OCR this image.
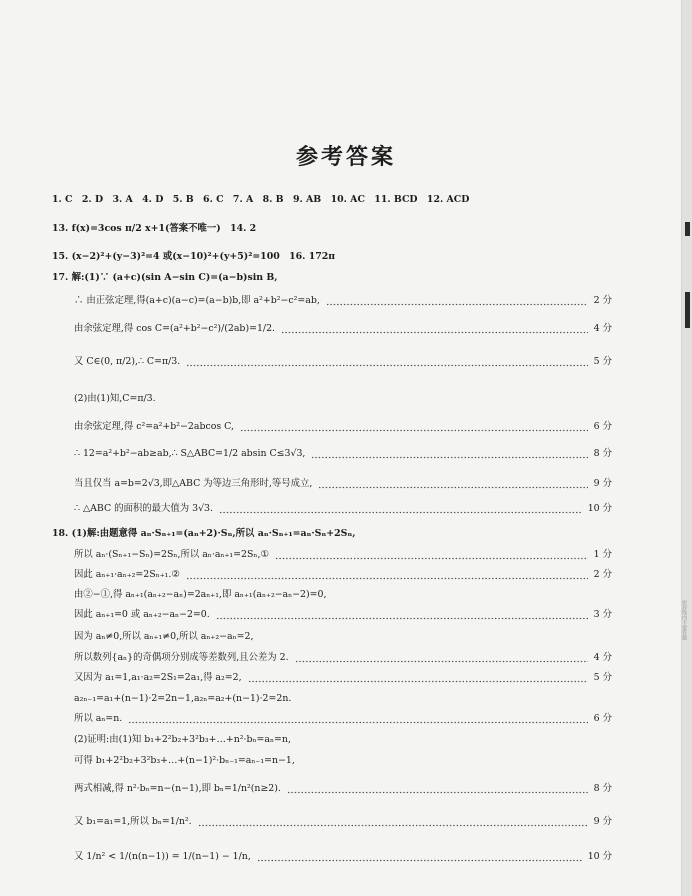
密封线内不要答题
参考答案
1. C　2. D　3. A　4. D　5. B　6. C　7. A　8. B　9. AB　10. AC　11. BCD　12. ACD
13. f(x)=3cos π/2 x+1(答案不唯一)　14. 2
15. (x−2)²+(y−3)²=4 或(x−10)²+(y+5)²=100　16. 172π
17. 解:(1)∵ (a+c)(sin A−sin C)=(a−b)sin B,
∴ 由正弦定理,得(a+c)(a−c)=(a−b)b,即 a²+b²−c²=ab,	2 分
由余弦定理,得 cos C=(a²+b²−c²)/(2ab)=1/2.	4 分
又 C∈(0, π/2),∴ C=π/3.	5 分
(2)由(1)知,C=π/3.
由余弦定理,得 c²=a²+b²−2abcos C,	6 分
∴ 12=a²+b²−ab≥ab,∴ S△ABC=1/2 absin C≤3√3,	8 分
当且仅当 a=b=2√3,即△ABC 为等边三角形时,等号成立,	9 分
∴ △ABC 的面积的最大值为 3√3.	10 分
18. (1)解:由题意得 aₙ·Sₙ₊₁=(aₙ+2)·Sₙ,所以 aₙ·Sₙ₊₁=aₙ·Sₙ+2Sₙ,
所以 aₙ·(Sₙ₊₁−Sₙ)=2Sₙ,所以 aₙ·aₙ₊₁=2Sₙ,①	1 分
因此 aₙ₊₁·aₙ₊₂=2Sₙ₊₁.②	2 分
由②−①,得 aₙ₊₁(aₙ₊₂−aₙ)=2aₙ₊₁,即 aₙ₊₁(aₙ₊₂−aₙ−2)=0,
因此 aₙ₊₁=0 或 aₙ₊₂−aₙ−2=0.	3 分
因为 aₙ≠0,所以 aₙ₊₁≠0,所以 aₙ₊₂−aₙ=2,
所以数列{aₙ}的奇偶项分别成等差数列,且公差为 2.	4 分
又因为 a₁=1,a₁·a₂=2S₁=2a₁,得 a₂=2,	5 分
a₂ₙ₋₁=a₁+(n−1)·2=2n−1,a₂ₙ=a₂+(n−1)·2=2n.
所以 aₙ=n.	6 分
(2)证明:由(1)知 b₁+2²b₂+3²b₃+…+n²·bₙ=aₙ=n,
可得 b₁+2²b₂+3²b₃+…+(n−1)²·bₙ₋₁=aₙ₋₁=n−1,
两式相减,得 n²·bₙ=n−(n−1),即 bₙ=1/n²(n≥2).	8 分
又 b₁=a₁=1,所以 bₙ=1/n².	9 分
又 1/n² < 1/(n(n−1)) = 1/(n−1) − 1/n,	10 分
